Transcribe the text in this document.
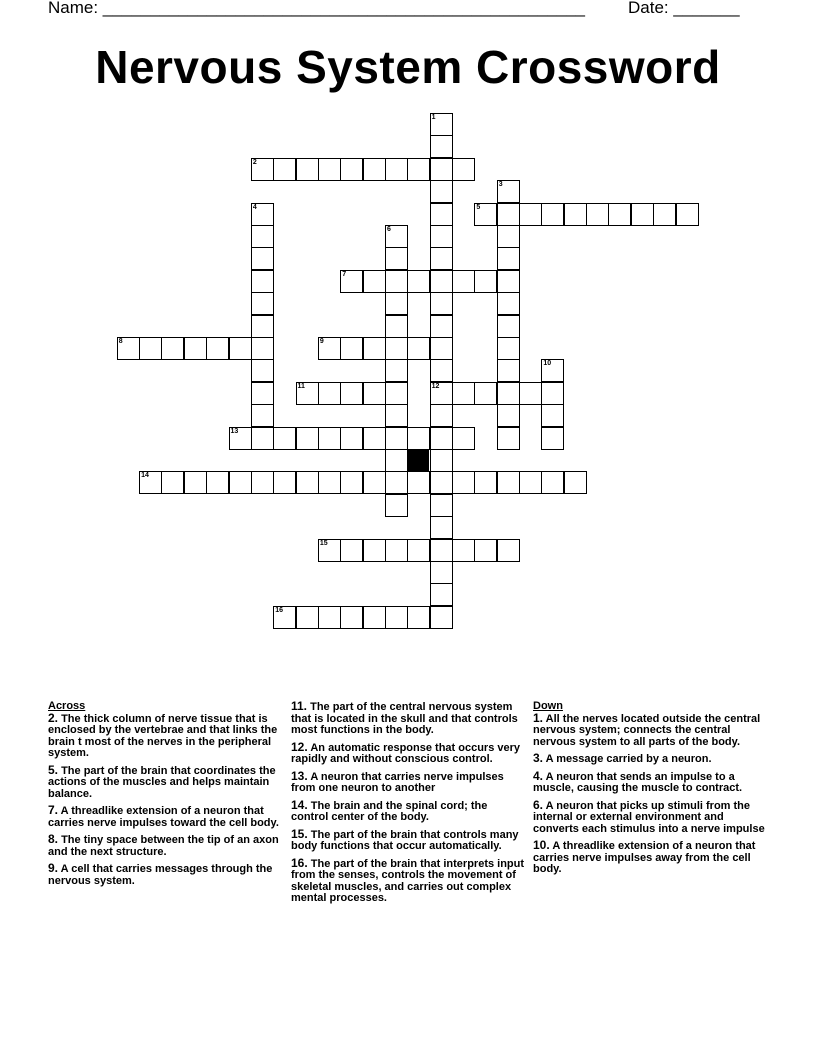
Name: ___________________________________________________	Date: _______
Nervous System Crossword
1
2
3
4	5
6
7
8	9
10
11	12
13
14
15
16
Across
2. The thick column of nerve tissue that is enclosed by the vertebrae and that links the brain t most of the nerves in the peripheral system.
5. The part of the brain that coordinates the actions of the muscles and helps maintain balance.
7. A threadlike extension of a neuron that carries nerve impulses toward the cell body.
8. The tiny space between the tip of an axon and the next structure.
9. A cell that carries messages through the nervous system.
11. The part of the central nervous system that is located in the skull and that controls most functions in the body.
12. An automatic response that occurs very rapidly and without conscious control.
13. A neuron that carries nerve impulses from one neuron to another
14. The brain and the spinal cord; the control center of the body.
15. The part of the brain that controls many body functions that occur automatically.
16. The part of the brain that interprets input from the senses, controls the movement of skeletal muscles, and carries out complex mental processes.
Down
1. All the nerves located outside the central nervous system; connects the central nervous system to all parts of the body.
3. A message carried by a neuron.
4. A neuron that sends an impulse to a muscle, causing the muscle to contract.
6. A neuron that picks up stimuli from the internal or external environment and converts each stimulus into a nerve impulse
10. A threadlike extension of a neuron that carries nerve impulses away from the cell body.
